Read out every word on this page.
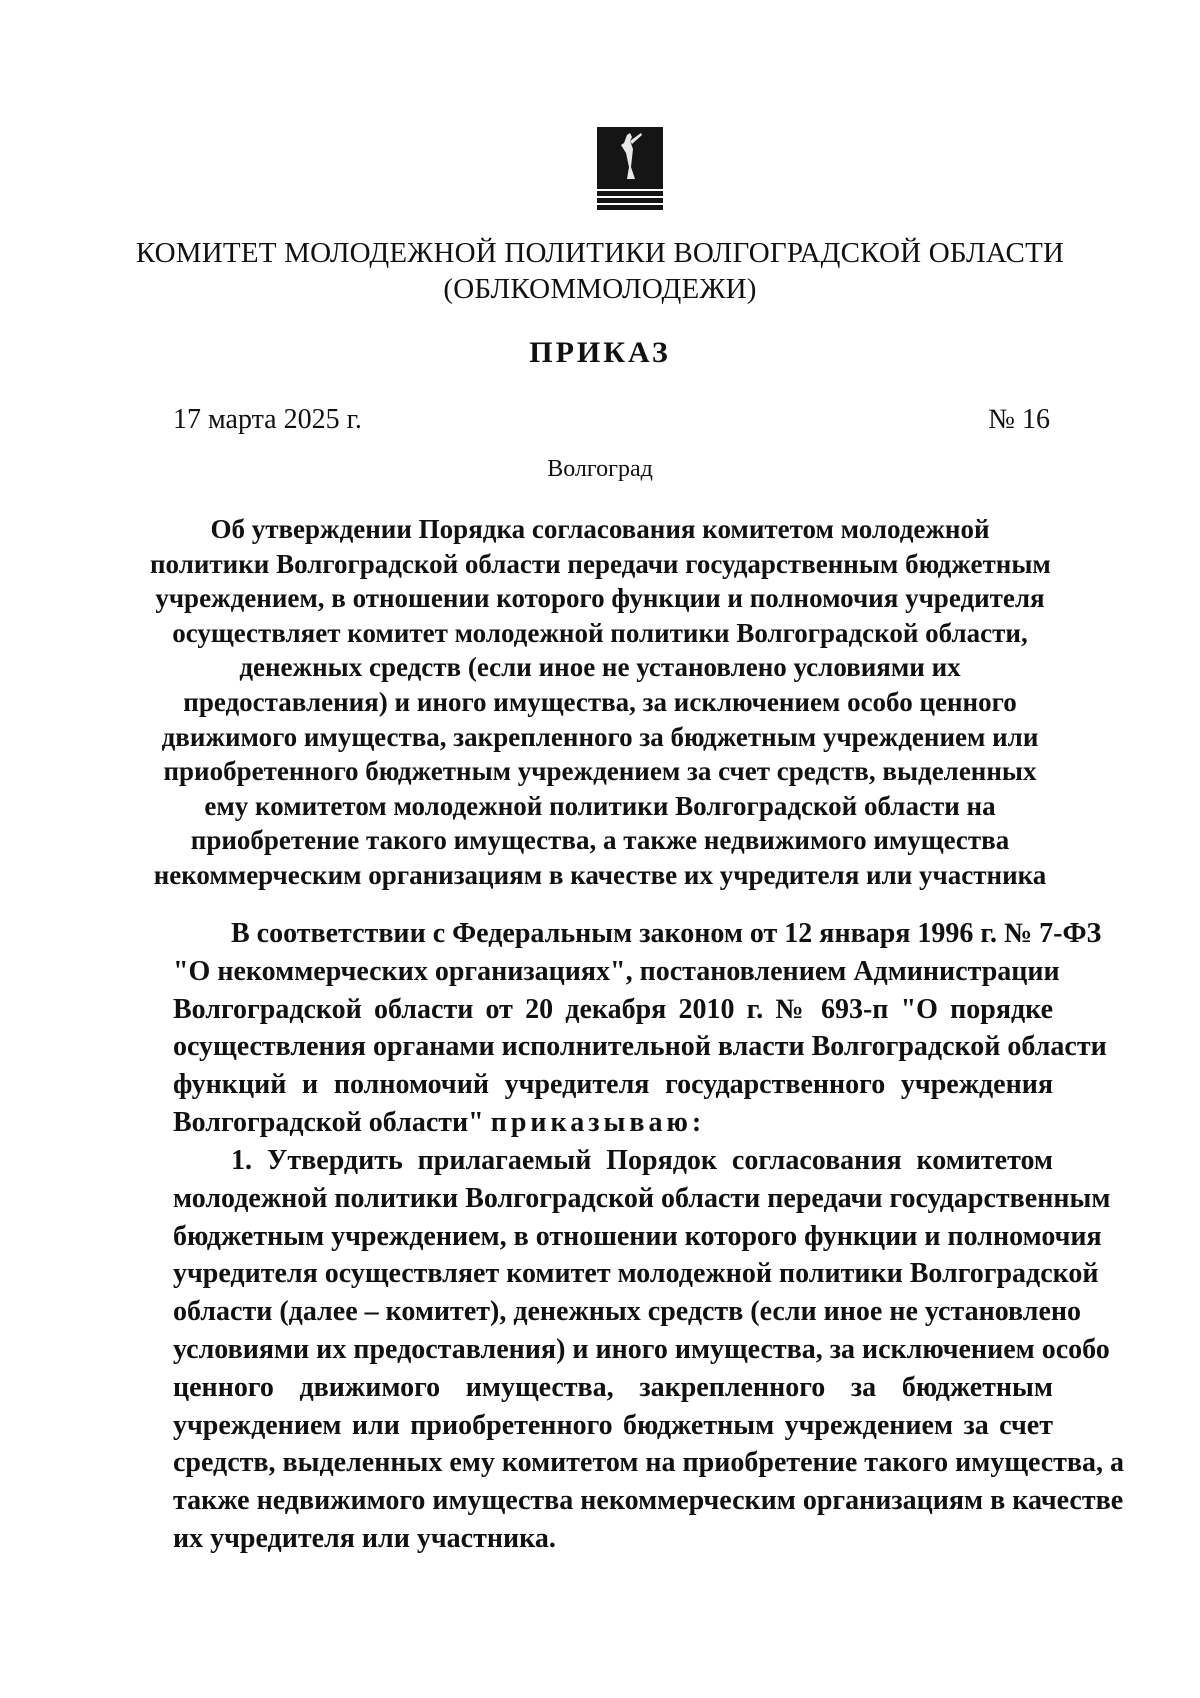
КОМИТЕТ МОЛОДЕЖНОЙ ПОЛИТИКИ ВОЛГОГРАДСКОЙ ОБЛАСТИ
(ОБЛКОММОЛОДЕЖИ)
ПРИКАЗ
17 марта 2025 г.	№ 16
Волгоград
Об утверждении Порядка согласования комитетом молодежной
политики Волгоградской области передачи государственным бюджетным
учреждением, в отношении которого функции и полномочия учредителя
осуществляет комитет молодежной политики Волгоградской области,
денежных средств (если иное не установлено условиями их
предоставления) и иного имущества, за исключением особо ценного
движимого имущества, закрепленного за бюджетным учреждением или
приобретенного бюджетным учреждением за счет средств, выделенных
ему комитетом молодежной политики Волгоградской области на
приобретение такого имущества, а также недвижимого имущества
некоммерческим организациям в качестве их учредителя или участника
В соответствии с Федеральным законом от 12 января 1996 г. № 7-ФЗ
"О некоммерческих организациях", постановлением Администрации
Волгоградской области от 20 декабря 2010 г. № 693-п "О порядке
осуществления органами исполнительной власти Волгоградской области
функций и полномочий учредителя государственного учреждения
Волгоградской области" приказываю:
1. Утвердить прилагаемый Порядок согласования комитетом
молодежной политики Волгоградской области передачи государственным
бюджетным учреждением, в отношении которого функции и полномочия
учредителя осуществляет комитет молодежной политики Волгоградской
области (далее – комитет), денежных средств (если иное не установлено
условиями их предоставления) и иного имущества, за исключением особо
ценного движимого имущества, закрепленного за бюджетным
учреждением или приобретенного бюджетным учреждением за счет
средств, выделенных ему комитетом на приобретение такого имущества, а
также недвижимого имущества некоммерческим организациям в качестве
их учредителя или участника.
